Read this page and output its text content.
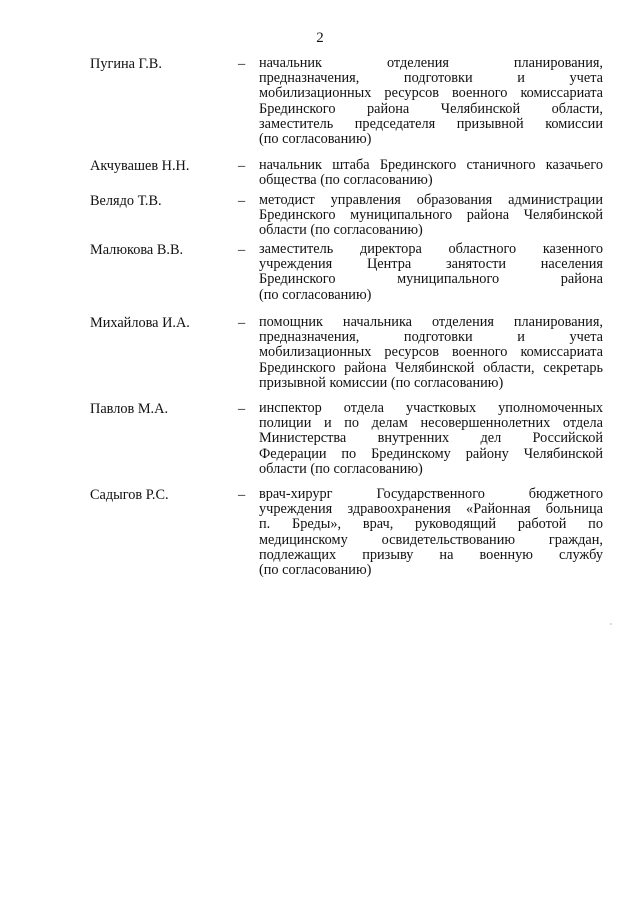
2
Пугина Г.В.	– начальник отделения планирования,
предназначения, подготовки и учета
мобилизационных ресурсов военного комиссариата
Брединского района Челябинской области,
заместитель председателя призывной комиссии
(по согласованию)
Акчувашев Н.Н.	– начальник штаба Брединского станичного казачьего
общества (по согласованию)
Велядо Т.В.	– методист управления образования администрации
Брединского муниципального района Челябинской
области (по согласованию)
Малюкова В.В.	– заместитель директора областного казенного
учреждения Центра занятости населения
Брединского муниципального района
(по согласованию)
Михайлова И.А.	– помощник начальника отделения планирования,
предназначения, подготовки и учета
мобилизационных ресурсов военного комиссариата
Брединского района Челябинской области, секретарь
призывной комиссии (по согласованию)
Павлов М.А.	– инспектор отдела участковых уполномоченных
полиции и по делам несовершеннолетних отдела
Министерства внутренних дел Российской
Федерации по Брединскому району Челябинской
области (по согласованию)
Садыгов Р.С.	– врач-хирург Государственного бюджетного
учреждения здравоохранения «Районная больница
п. Бреды», врач, руководящий работой по
медицинскому освидетельствованию граждан,
подлежащих призыву на военную службу
(по согласованию)
